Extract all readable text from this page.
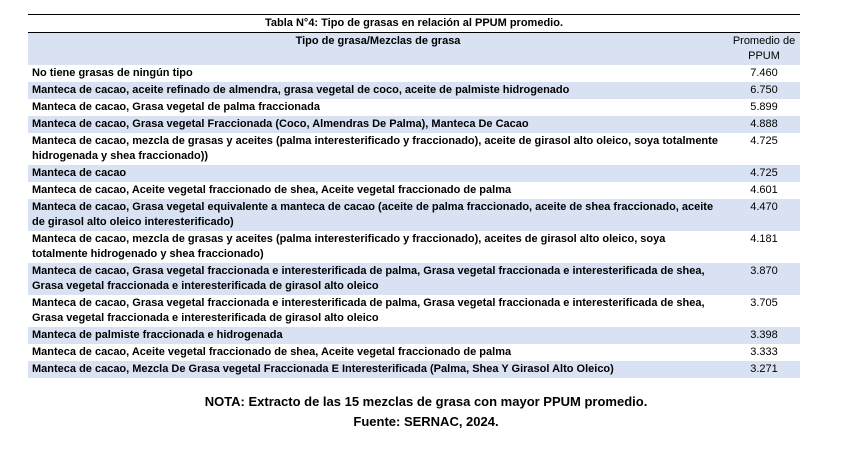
Tabla N°4: Tipo de grasas en relación al PPUM promedio.	
Tipo de grasa/Mezclas de grasa	Promedio de PPUM
No tiene grasas de ningún tipo	7.460
Manteca de cacao, aceite refinado de almendra, grasa vegetal de coco, aceite de palmiste hidrogenado	6.750
Manteca de cacao, Grasa vegetal de palma fraccionada	5.899
Manteca de cacao, Grasa vegetal Fraccionada (Coco, Almendras De Palma), Manteca De Cacao	4.888
Manteca de cacao, mezcla de grasas y aceites (palma interesterificado y fraccionado), aceite de girasol alto oleico, soya totalmente hidrogenada y shea fraccionado))	4.725
Manteca de cacao	4.725
Manteca de cacao, Aceite vegetal fraccionado de shea, Aceite vegetal fraccionado de palma	4.601
Manteca de cacao, Grasa vegetal equivalente a manteca de cacao (aceite de palma fraccionado, aceite de shea fraccionado, aceite de girasol alto oleico interesterificado)	4.470
Manteca de cacao, mezcla de grasas y aceites (palma interesterificado y fraccionado), aceites de girasol alto oleico, soya totalmente hidrogenado y shea fraccionado)	4.181
Manteca de cacao, Grasa vegetal fraccionada e interesterificada de palma, Grasa vegetal fraccionada e interesterificada de shea, Grasa vegetal fraccionada e interesterificada de girasol alto oleico	3.870
Manteca de cacao, Grasa vegetal fraccionada e interesterificada de palma, Grasa vegetal fraccionada e interesterificada de shea, Grasa vegetal fraccionada e interesterificada de girasol alto oleico	3.705
Manteca de palmiste fraccionada e hidrogenada	3.398
Manteca de cacao, Aceite vegetal fraccionado de shea, Aceite vegetal fraccionado de palma	3.333
Manteca de cacao, Mezcla De Grasa vegetal Fraccionada E Interesterificada (Palma, Shea Y Girasol Alto Oleico)	3.271
NOTA: Extracto de las 15 mezclas de grasa con mayor PPUM promedio.
Fuente: SERNAC, 2024.
